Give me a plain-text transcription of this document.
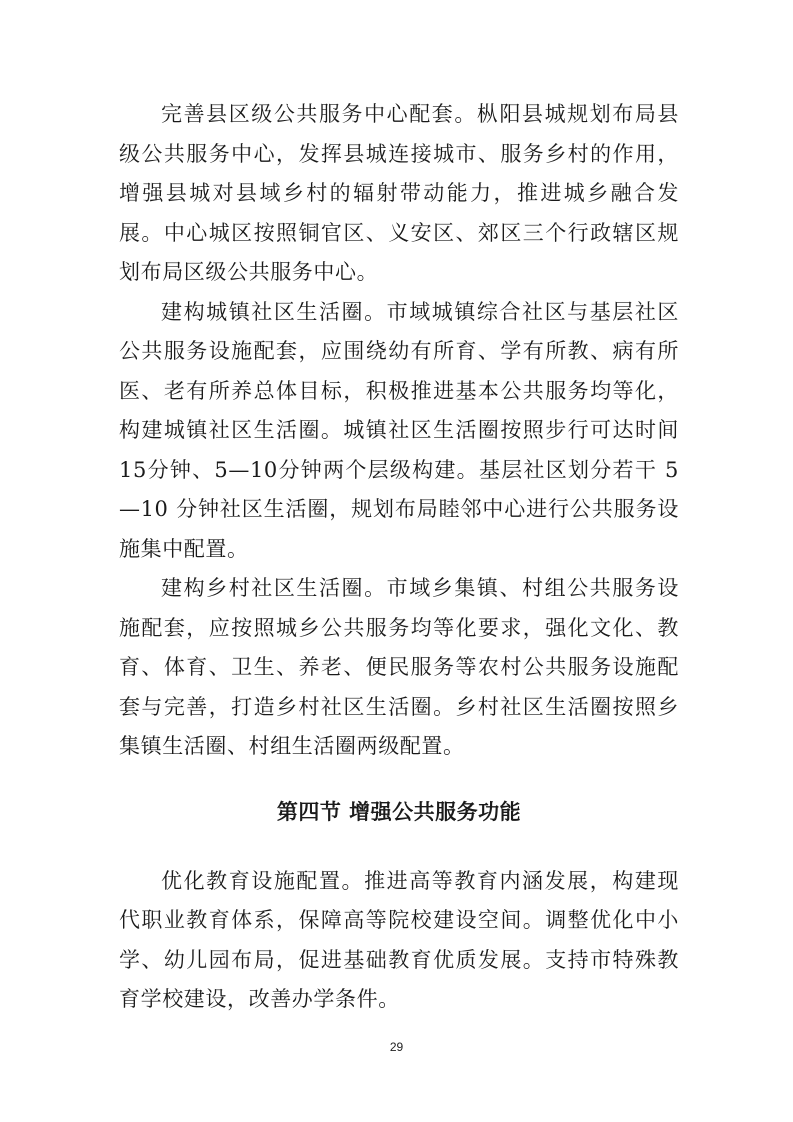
完善县区级公共服务中心配套。枞阳县城规划布局县级公共服务中心，发挥县城连接城市、服务乡村的作用，增强县城对县域乡村的辐射带动能力，推进城乡融合发展。中心城区按照铜官区、义安区、郊区三个行政辖区规划布局区级公共服务中心。

建构城镇社区生活圈。市域城镇综合社区与基层社区公共服务设施配套，应围绕幼有所育、学有所教、病有所医、老有所养总体目标，积极推进基本公共服务均等化，构建城镇社区生活圈。城镇社区生活圈按照步行可达时间15分钟、5—10分钟两个层级构建。基层社区划分若干 5—10 分钟社区生活圈，规划布局睦邻中心进行公共服务设施集中配置。

建构乡村社区生活圈。市域乡集镇、村组公共服务设施配套，应按照城乡公共服务均等化要求，强化文化、教育、体育、卫生、养老、便民服务等农村公共服务设施配套与完善，打造乡村社区生活圈。乡村社区生活圈按照乡集镇生活圈、村组生活圈两级配置。

第四节 增强公共服务功能

优化教育设施配置。推进高等教育内涵发展，构建现代职业教育体系，保障高等院校建设空间。调整优化中小学、幼儿园布局，促进基础教育优质发展。支持市特殊教育学校建设，改善办学条件。

29
